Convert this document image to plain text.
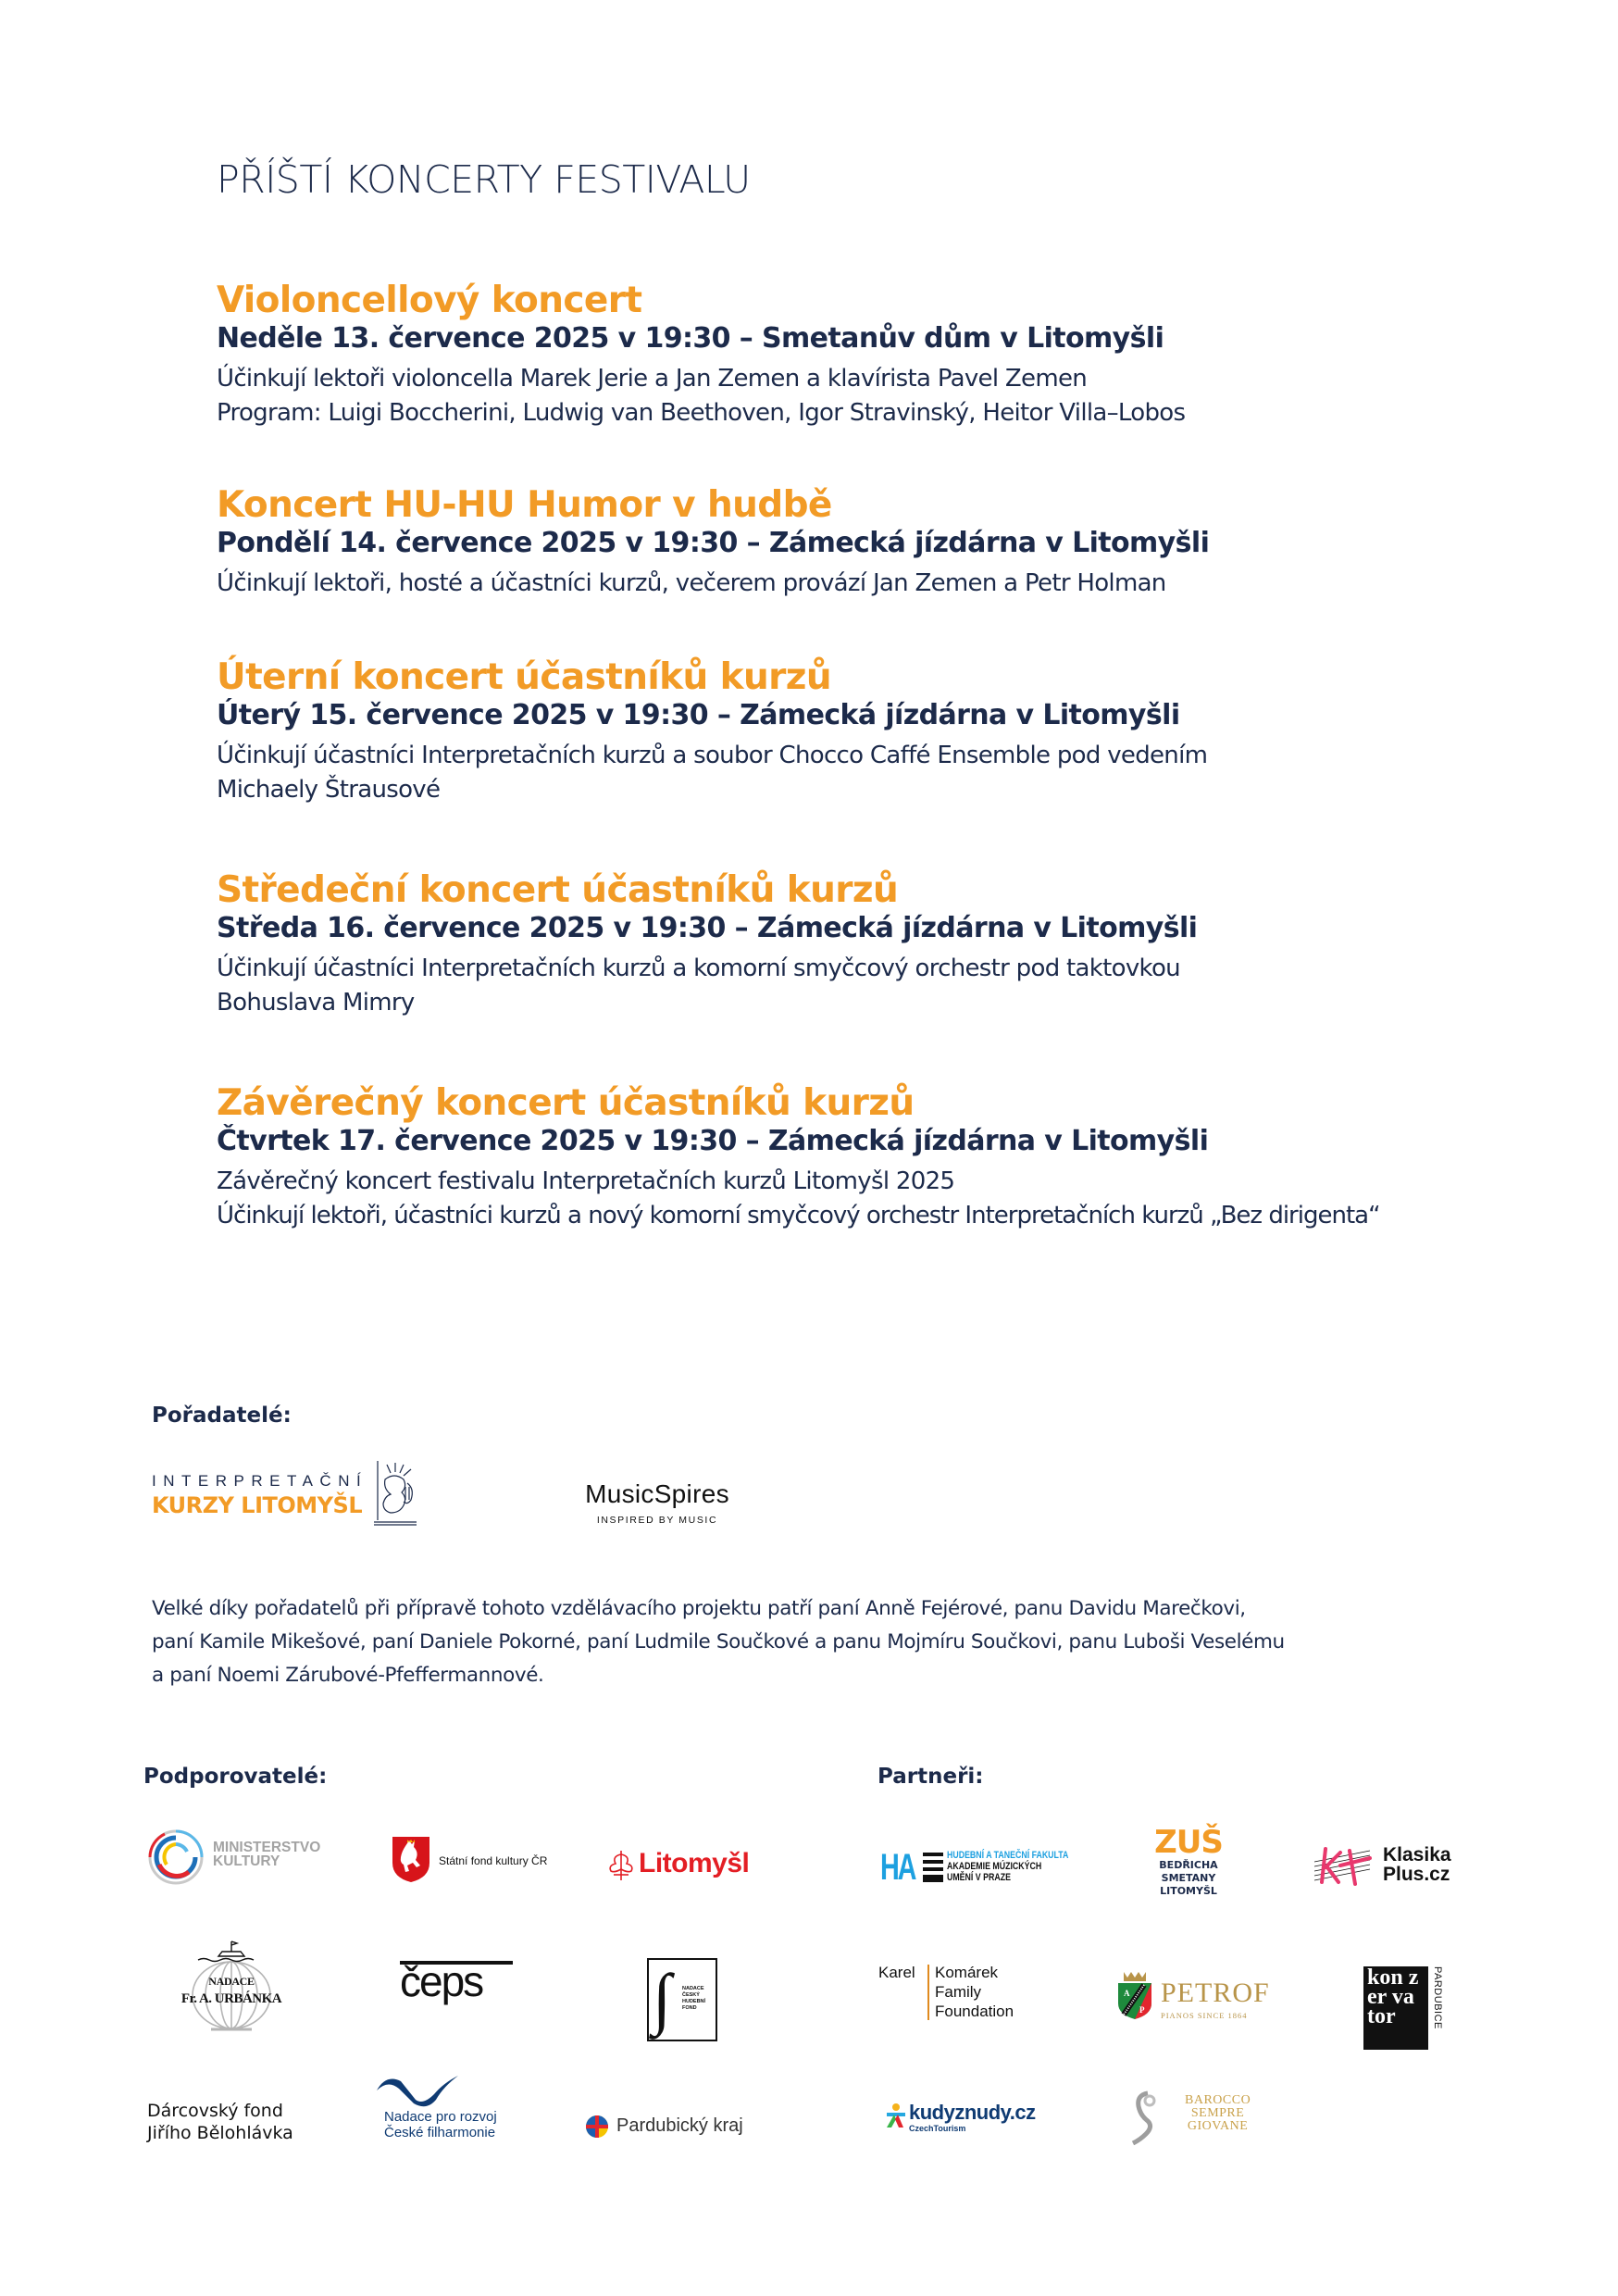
PŘÍŠTÍ KONCERTY FESTIVALU
Violoncellový koncert
Neděle 13. července 2025 v 19:30 – Smetanův dům v Litomyšli
Účinkují lektoři violoncella Marek Jerie a Jan Zemen a klavírista Pavel Zemen
Program: Luigi Boccherini, Ludwig van Beethoven, Igor Stravinský, Heitor Villa–Lobos
Koncert HU-HU Humor v hudbě
Pondělí 14. července 2025 v 19:30 – Zámecká jízdárna v Litomyšli
Účinkují lektoři, hosté a účastníci kurzů, večerem provází Jan Zemen a Petr Holman
Úterní koncert účastníků kurzů
Úterý 15. července 2025 v 19:30 – Zámecká jízdárna v Litomyšli
Účinkují účastníci Interpretačních kurzů a soubor Chocco Caffé Ensemble pod vedením
Michaely Štrausové
Středeční koncert účastníků kurzů
Středa 16. července 2025 v 19:30 – Zámecká jízdárna v Litomyšli
Účinkují účastníci Interpretačních kurzů a komorní smyčcový orchestr pod taktovkou
Bohuslava Mimry
Závěrečný koncert účastníků kurzů
Čtvrtek 17. července 2025 v 19:30 – Zámecká jízdárna v Litomyšli
Závěrečný koncert festivalu Interpretačních kurzů Litomyšl 2025
Účinkují lektoři, účastníci kurzů a nový komorní smyčcový orchestr Interpretačních kurzů „Bez dirigenta“
Pořadatelé:
INTERPRETAČNÍ
KURZY LITOMYŠL	MusicSpires
INSPIRED BY MUSIC
Velké díky pořadatelů při přípravě tohoto vzdělávacího projektu patří paní Anně Fejérové, panu Davidu Marečkovi,
paní Kamile Mikešové, paní Daniele Pokorné, paní Ludmile Součkové a panu Mojmíru Součkovi, panu Luboši Veselému
a paní Noemi Zárubové-Pfeffermannové.
Podporovatelé:	Partneři:
MINISTERSTVO
KULTURY	Státní fond kultury ČR	Litomyšl
NADACE
Fr. A. URBÁNKA	čeps	∫ NADACE
ČESKÝ
HUDEBNÍ
FOND
Dárcovský fond
Jiřího Bělohlávka
Nadace pro rozvoj
České filharmonie	Pardubický kraj
HA	HUDEBNÍ A TANEČNÍ FAKULTA
AKADEMIE MÚZICKÝCH
UMĚNÍ V PRAZE
ZUŠ
BEDŘICHA
SMETANY
LITOMYŠL
Klasika
Plus.cz
Karel Komárek
Family
Foundation
A
P
PETROF
PIANOS SINCE 1864
kon zer va tor	PARDUBICE
kudyznudy.cz
CzechTourism	B BAROCCO
SEMPRE
GIOVANE
